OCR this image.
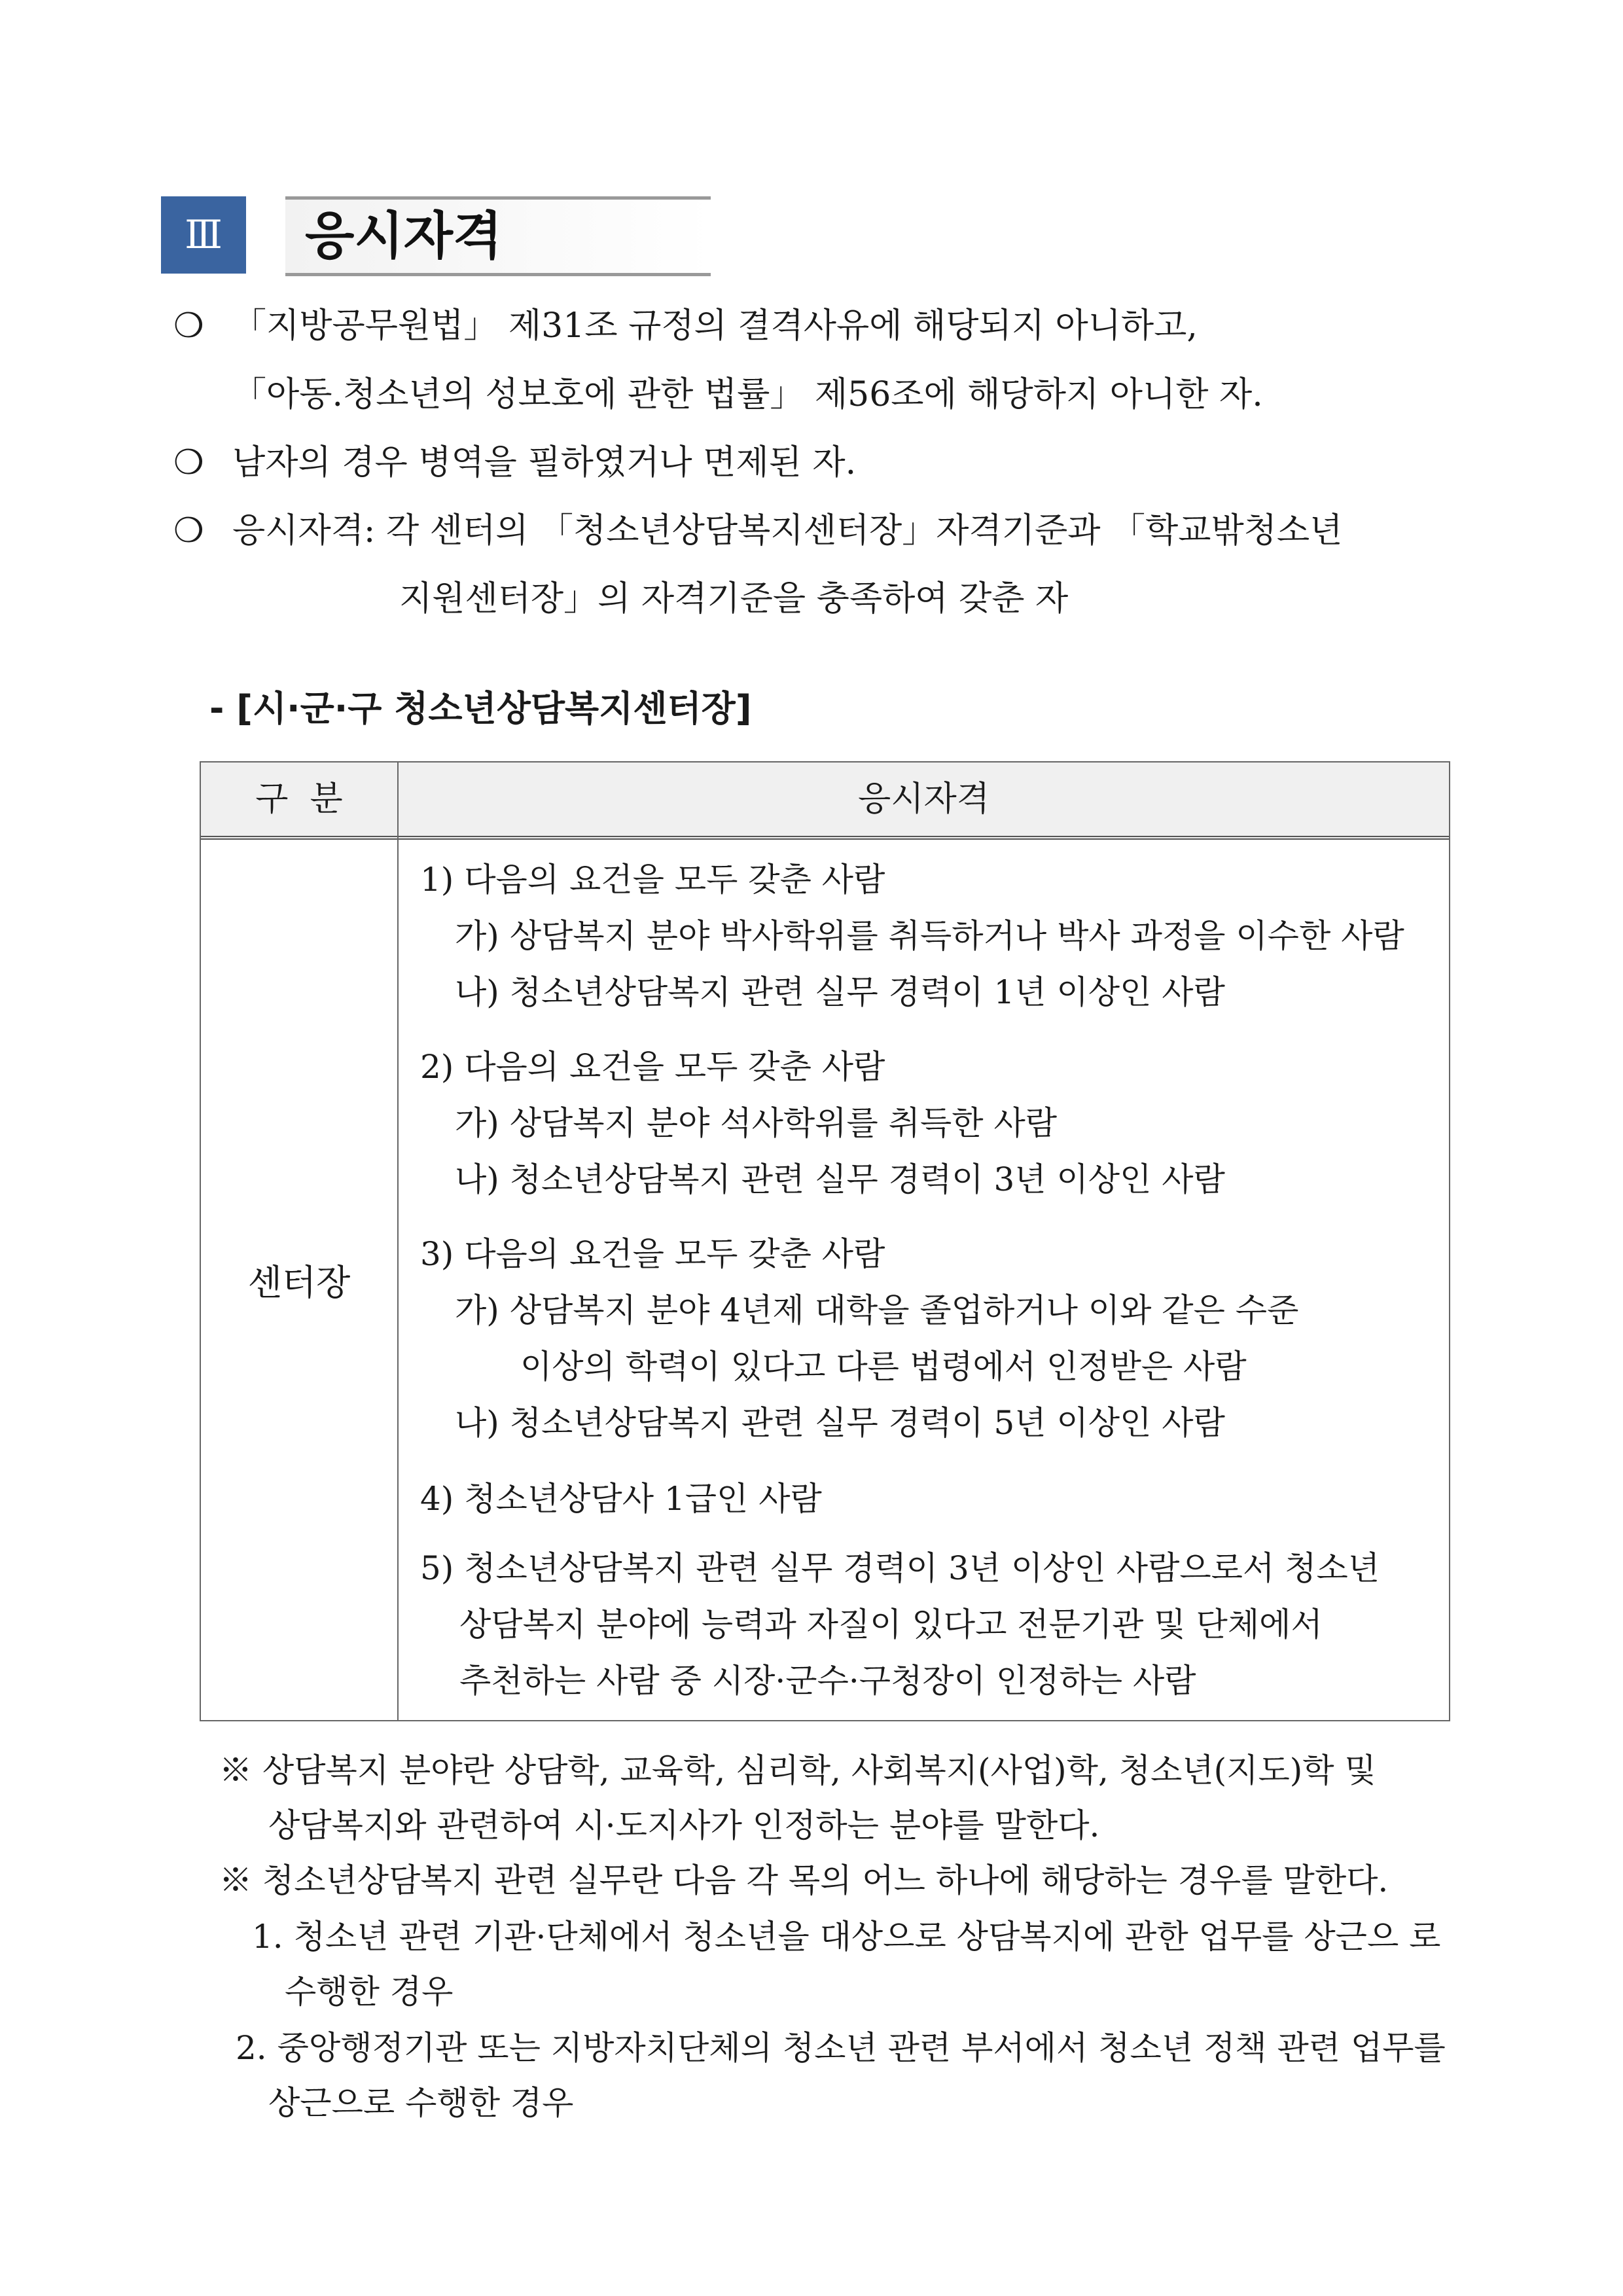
Ⅲ	응시자격
❍ 「지방공무원법」 제31조 규정의 결격사유에 해당되지 아니하고,
「아동.청소년의 성보호에 관한 법률」 제56조에 해당하지 아니한 자.
❍ 남자의 경우 병역을 필하였거나 면제된 자.
❍ 응시자격: 각 센터의 「청소년상담복지센터장」자격기준과 「학교밖청소년
지원센터장」의 자격기준을 충족하여 갖춘 자
- [시·군·구 청소년상담복지센터장]
구  분	응시자격
센터장
1) 다음의 요건을 모두 갖춘 사람
가) 상담복지 분야 박사학위를 취득하거나 박사 과정을 이수한 사람
나) 청소년상담복지 관련 실무 경력이 1년 이상인 사람
2) 다음의 요건을 모두 갖춘 사람
가) 상담복지 분야 석사학위를 취득한 사람
나) 청소년상담복지 관련 실무 경력이 3년 이상인 사람
3) 다음의 요건을 모두 갖춘 사람
가) 상담복지 분야 4년제 대학을 졸업하거나 이와 같은 수준
이상의 학력이 있다고 다른 법령에서 인정받은 사람
나) 청소년상담복지 관련 실무 경력이 5년 이상인 사람
4) 청소년상담사 1급인 사람
5) 청소년상담복지 관련 실무 경력이 3년 이상인 사람으로서 청소년
상담복지 분야에 능력과 자질이 있다고 전문기관 및 단체에서
추천하는 사람 중 시장·군수·구청장이 인정하는 사람
※ 상담복지 분야란 상담학, 교육학, 심리학, 사회복지(사업)학, 청소년(지도)학 및
상담복지와 관련하여 시·도지사가 인정하는 분야를 말한다.
※ 청소년상담복지 관련 실무란 다음 각 목의 어느 하나에 해당하는 경우를 말한다.
1. 청소년 관련 기관·단체에서 청소년을 대상으로 상담복지에 관한 업무를 상근으 로
수행한 경우
2. 중앙행정기관 또는 지방자치단체의 청소년 관련 부서에서 청소년 정책 관련 업무를
상근으로 수행한 경우
